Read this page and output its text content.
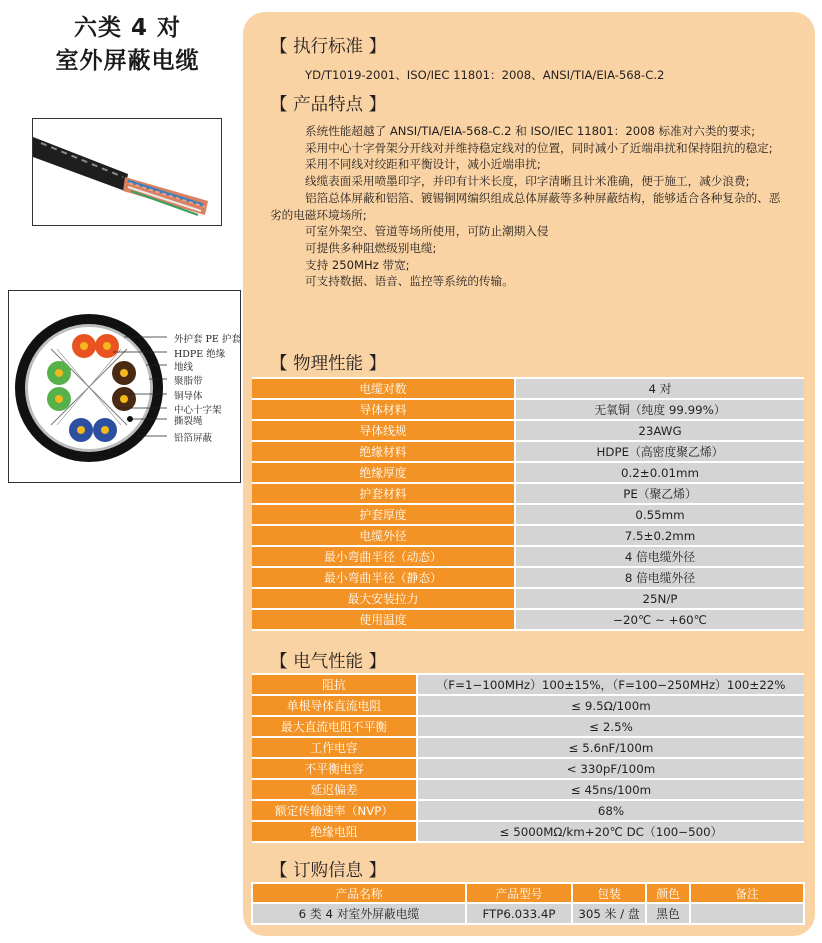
六类 4 对
室外屏蔽电缆
外护套 PE 护套
HDPE 绝缘
地线
聚脂带
铜导体
中心十字架
撕裂绳
铅箔屏蔽
【 执行标准 】
YD/T1019-2001、ISO/IEC 11801：2008、ANSI/TIA/EIA-568-C.2
【 产品特点 】

系统性能超越了 ANSI/TIA/EIA-568-C.2 和 ISO/IEC 11801：2008 标准对六类的要求;

采用中心十字骨架分开线对并维持稳定线对的位置，同时减小了近端串扰和保持阻抗的稳定;

采用不同线对绞距和平衡设计，减小近端串扰;

线缆表面采用喷墨印字，并印有计米长度，印字清晰且计米准确，便于施工，减少浪费;

铝箔总体屏蔽和铝箔、镀锡铜网编织组成总体屏蔽等多种屏蔽结构，能够适合各种复杂的、恶劣的电磁环境场所;

可室外架空、管道等场所使用，可防止潮期入侵

可提供多种阻燃级别电缆;

支持 250MHz 带宽;

可支持数据、语音、监控等系统的传输。

【 物理性能 】
电缆对数	4 对
导体材料	无氧铜（纯度 99.99%）
导体线规	23AWG
绝缘材料	HDPE（高密度聚乙烯）
绝缘厚度	0.2±0.01mm
护套材料	PE（聚乙烯）
护套厚度	0.55mm
电缆外径	7.5±0.2mm
最小弯曲半径（动态）	4 倍电缆外径
最小弯曲半径（静态）	8 倍电缆外径
最大安装拉力	25N/P
使用温度	−20℃ ~ +60℃
【 电气性能 】
阻抗	（F=1−100MHz）100±15%，（F=100−250MHz）100±22%
单根导体直流电阻	≤ 9.5Ω/100m
最大直流电阻不平衡	≤ 2.5%
工作电容	≤ 5.6nF/100m
不平衡电容	< 330pF/100m
延迟偏差	≤ 45ns/100m
额定传输速率（NVP）	68%
绝缘电阻	≤ 5000MΩ/km+20℃ DC（100−500）
【 订购信息 】
产品名称	产品型号	包装	颜色	备注
6 类 4 对室外屏蔽电缆	FTP6.033.4P	305 米 / 盘	黑色	
